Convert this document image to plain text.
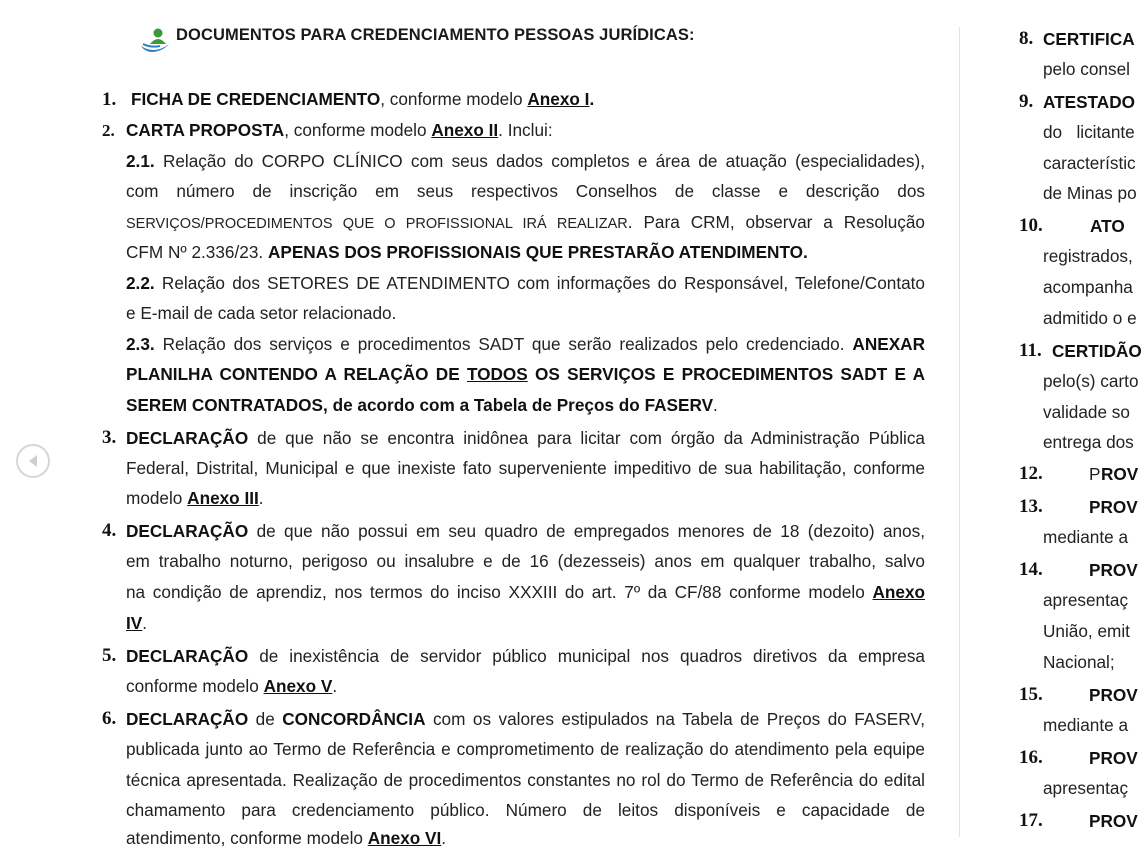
DOCUMENTOS PARA CREDENCIAMENTO PESSOAS JURÍDICAS:
1. FICHA DE CREDENCIAMENTO, conforme modelo Anexo I.
2. CARTA PROPOSTA, conforme modelo Anexo II. Inclui:
2.1. Relação do CORPO CLÍNICO com seus dados completos e área de atuação (especialidades),
com número de inscrição em seus respectivos Conselhos de classe e descrição dos
SERVIÇOS/PROCEDIMENTOS QUE O PROFISSIONAL IRÁ REALIZAR. Para CRM, observar a Resolução
CFM Nº 2.336/23. APENAS DOS PROFISSIONAIS QUE PRESTARÃO ATENDIMENTO.
2.2. Relação dos SETORES DE ATENDIMENTO com informações do Responsável, Telefone/Contato
e E-mail de cada setor relacionado.
2.3. Relação dos serviços e procedimentos SADT que serão realizados pelo credenciado. ANEXAR
PLANILHA CONTENDO A RELAÇÃO DE TODOS OS SERVIÇOS E PROCEDIMENTOS SADT E A
SEREM CONTRATADOS, de acordo com a Tabela de Preços do FASERV.
3. DECLARAÇÃO de que não se encontra inidônea para licitar com órgão da Administração Pública
Federal, Distrital, Municipal e que inexiste fato superveniente impeditivo de sua habilitação, conforme
modelo Anexo III.
4. DECLARAÇÃO de que não possui em seu quadro de empregados menores de 18 (dezoito) anos,
em trabalho noturno, perigoso ou insalubre e de 16 (dezesseis) anos em qualquer trabalho, salvo
na condição de aprendiz, nos termos do inciso XXXIII do art. 7º da CF/88 conforme modelo Anexo
IV.
5. DECLARAÇÃO de inexistência de servidor público municipal nos quadros diretivos da empresa
conforme modelo Anexo V.
6. DECLARAÇÃO de CONCORDÂNCIA com os valores estipulados na Tabela de Preços do FASERV,
publicada junto ao Termo de Referência e comprometimento de realização do atendimento pela equipe
técnica apresentada. Realização de procedimentos constantes no rol do Termo de Referência do edital
chamamento para credenciamento público. Número de leitos disponíveis e capacidade de
atendimento, conforme modelo Anexo VI.
8. CERTIFICA
pelo consel
9. ATESTADO
do   licitante
característic
de Minas po
10.	ATO
registrados,
acompanha
admitido o e
11. CERTIDÃO
pelo(s) carto
validade so
entrega dos
12.	P ROV
13.	PROV
mediante a
14.	PROV
apresentaç
União, emit
Nacional;
15.	PROV
mediante a
16.	PROV
apresentaç
17.	PROV
